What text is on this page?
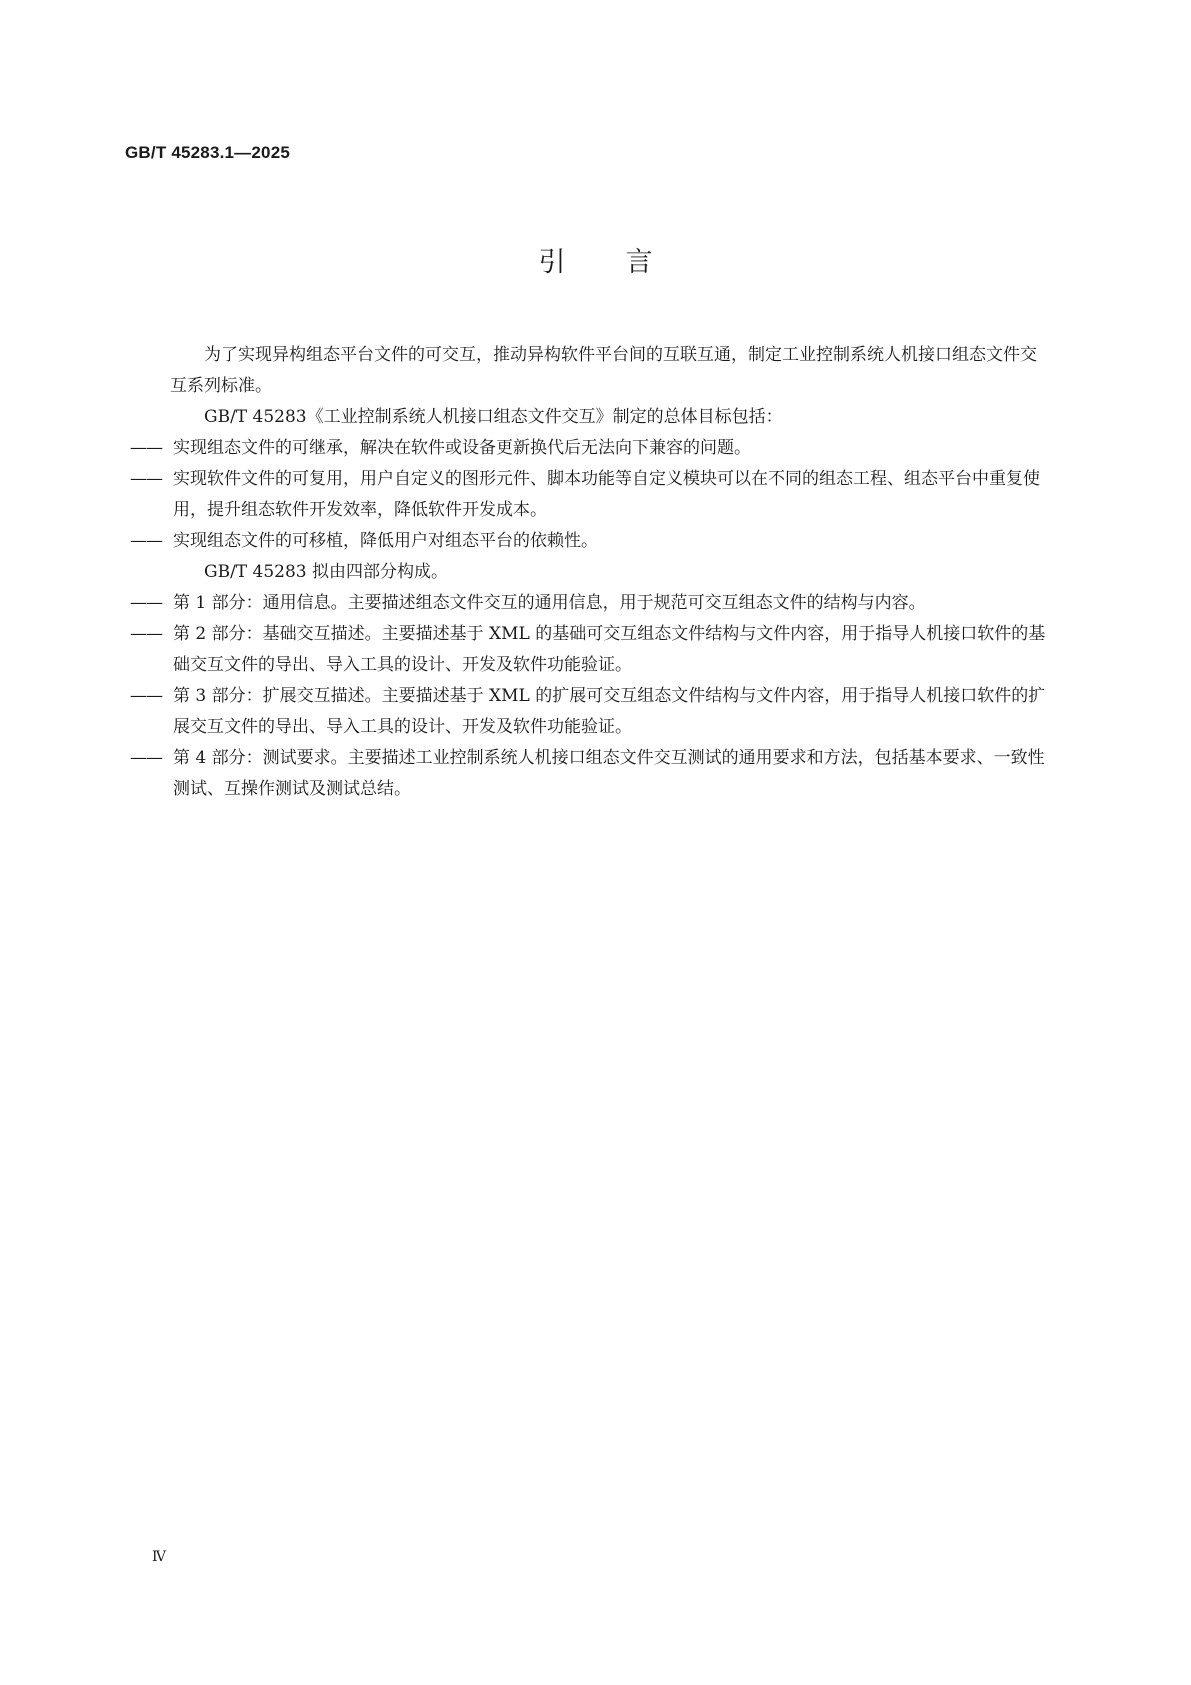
GB/T 45283.1—2025
引 言

为了实现异构组态平台文件的可交互，推动异构软件平台间的互联互通，制定工业控制系统人机接口组态文件交互系列标准。

GB/T 45283《工业控制系统人机接口组态文件交互》制定的总体目标包括：

—— 实现组态文件的可继承，解决在软件或设备更新换代后无法向下兼容的问题。

—— 实现软件文件的可复用，用户自定义的图形元件、脚本功能等自定义模块可以在不同的组态工程、组态平台中重复使用，提升组态软件开发效率，降低软件开发成本。

—— 实现组态文件的可移植，降低用户对组态平台的依赖性。

GB/T 45283 拟由四部分构成。

—— 第 1 部分：通用信息。主要描述组态文件交互的通用信息，用于规范可交互组态文件的结构与内容。

—— 第 2 部分：基础交互描述。主要描述基于 XML 的基础可交互组态文件结构与文件内容，用于指导人机接口软件的基础交互文件的导出、导入工具的设计、开发及软件功能验证。

—— 第 3 部分：扩展交互描述。主要描述基于 XML 的扩展可交互组态文件结构与文件内容，用于指导人机接口软件的扩展交互文件的导出、导入工具的设计、开发及软件功能验证。

—— 第 4 部分：测试要求。主要描述工业控制系统人机接口组态文件交互测试的通用要求和方法，包括基本要求、一致性测试、互操作测试及测试总结。

Ⅳ
